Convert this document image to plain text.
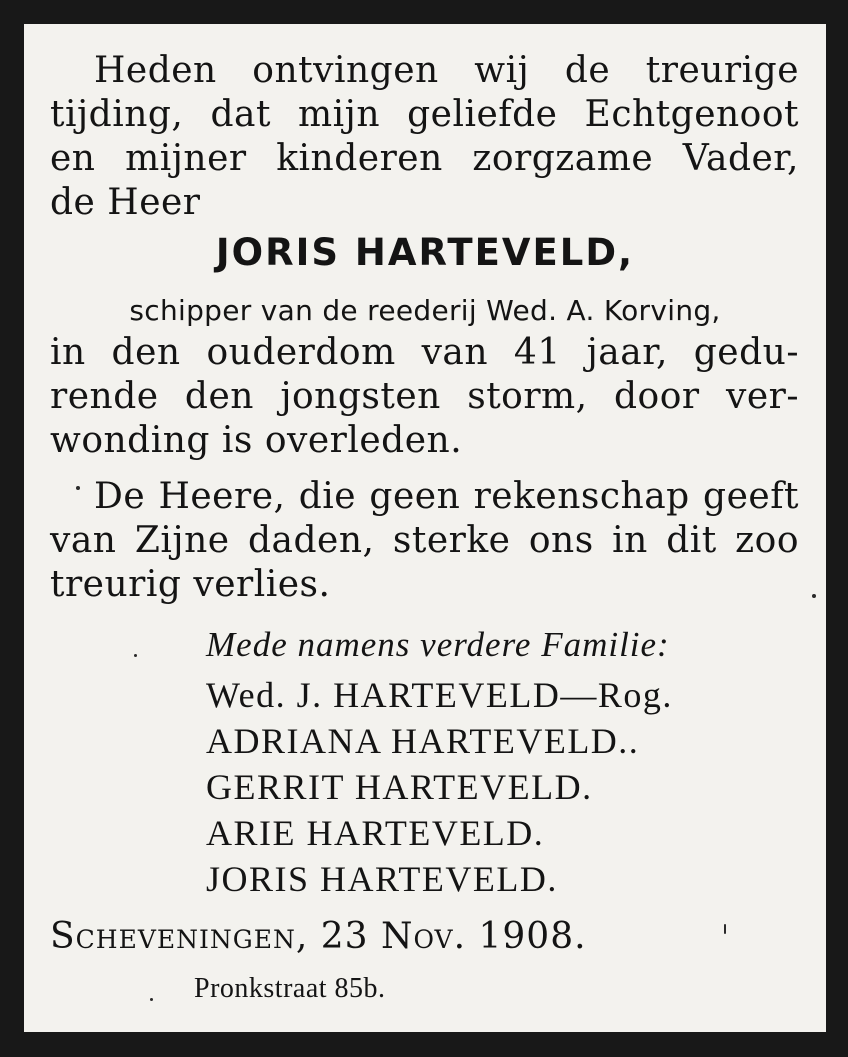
Heden ontvingen wij de treurige
tijding, dat mijn geliefde Echtgenoot
en mijner kinderen zorgzame Vader,
de Heer
JORIS HARTEVELD,
schipper van de reederij Wed. A. Korving,
in den ouderdom van 41 jaar, gedu-
rende den jongsten storm, door ver-
wonding is overleden.
De Heere, die geen rekenschap geeft
van Zijne daden, sterke ons in dit zoo
treurig verlies.
Mede namens verdere Familie:
Wed. J. HARTEVELD—Rog.
ADRIANA HARTEVELD..
GERRIT HARTEVELD.
ARIE HARTEVELD.
JORIS HARTEVELD.
Scheveningen, 23 Nov. 1908.
Pronkstraat 85b.
